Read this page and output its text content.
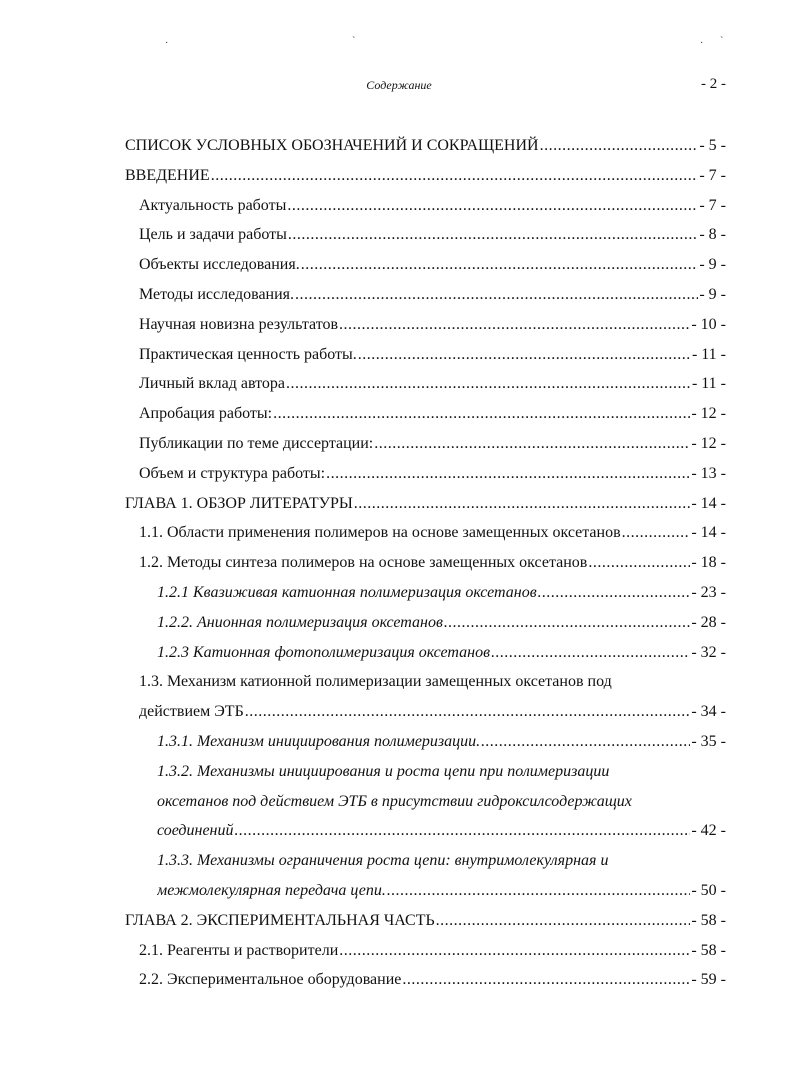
Содержание	- 2 -
СПИСОК УСЛОВНЫХ ОБОЗНАЧЕНИЙ И СОКРАЩЕНИЙ .....	- 5 -
ВВЕДЕНИЕ .....	- 7 -
Актуальность работы .....	- 7 -
Цель и задачи работы .....	- 8 -
Объекты исследования. .....	- 9 -
Методы исследования. .....	- 9 -
Научная новизна результатов .....	- 10 -
Практическая ценность работы. .....	- 11 -
Личный вклад автора .....	- 11 -
Апробация работы: .....	- 12 -
Публикации по теме диссертации: .....	- 12 -
Объем и структура работы: .....	- 13 -
ГЛАВА 1. ОБЗОР ЛИТЕРАТУРЫ .....	- 14 -
1.1. Области применения полимеров на основе замещенных оксетанов .....	- 14 -
1.2. Методы синтеза полимеров на основе замещенных оксетанов .....	- 18 -
1.2.1 Квазиживая катионная полимеризация оксетанов .....	- 23 -
1.2.2. Анионная полимеризация оксетанов .....	- 28 -
1.2.3 Катионная фотополимеризация оксетанов .....	- 32 -
1.3. Механизм катионной полимеризации замещенных оксетанов под
действием ЭТБ .....	- 34 -
1.3.1. Механизм инициирования полимеризации. .....	- 35 -
1.3.2. Механизмы инициирования и роста цепи при полимеризации
оксетанов под действием ЭТБ в присутствии гидроксилсодержащих
соединений .....	- 42 -
1.3.3. Механизмы ограничения роста цепи: внутримолекулярная и
межмолекулярная передача цепи. .....	- 50 -
ГЛАВА 2. ЭКСПЕРИМЕНТАЛЬНАЯ ЧАСТЬ .....	- 58 -
2.1. Реагенты и растворители .....	- 58 -
2.2. Экспериментальное оборудование .....	- 59 -
·	`	· `
